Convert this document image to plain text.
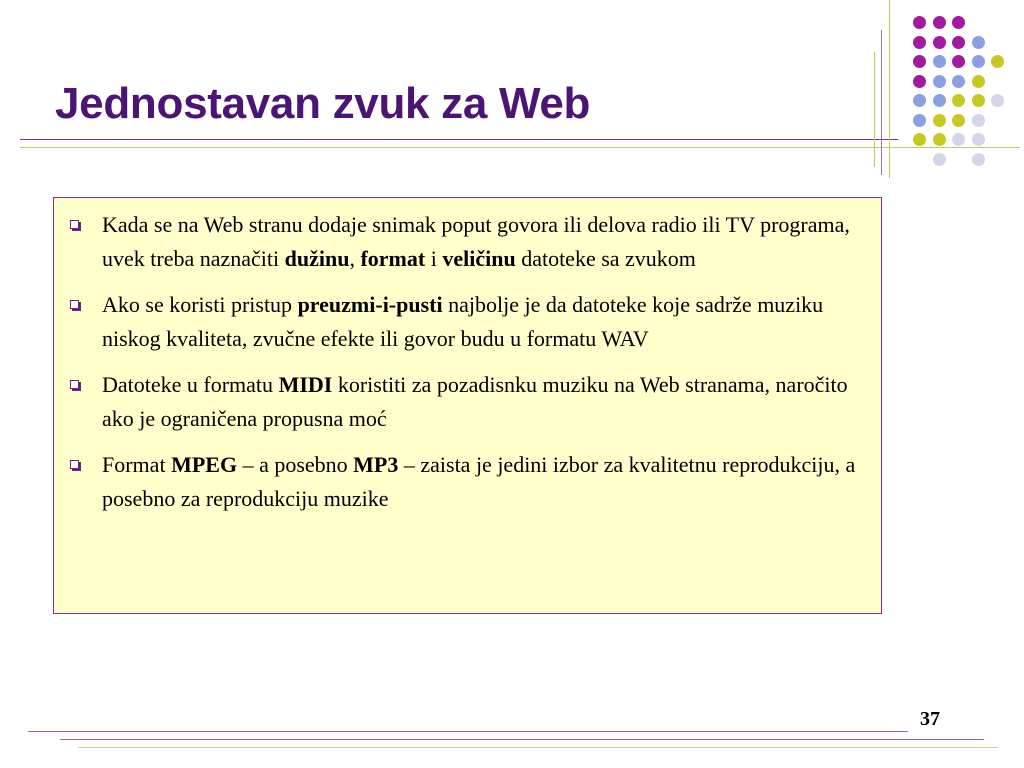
Jednostavan zvuk za Web
Kada se na Web stranu dodaje snimak poput govora ili delova radio ili TV programa, uvek treba naznačiti dužinu, format i veličinu datoteke sa zvukom
Ako se koristi pristup preuzmi-i-pusti najbolje je da datoteke koje sadrže muziku niskog kvaliteta, zvučne efekte ili govor budu u formatu WAV
Datoteke u formatu MIDI koristiti za pozadisnku muziku na Web stranama, naročito ako je ograničena propusna moć
Format MPEG – a posebno MP3 – zaista je jedini izbor za kvalitetnu reprodukciju, a posebno za reprodukciju muzike
37
